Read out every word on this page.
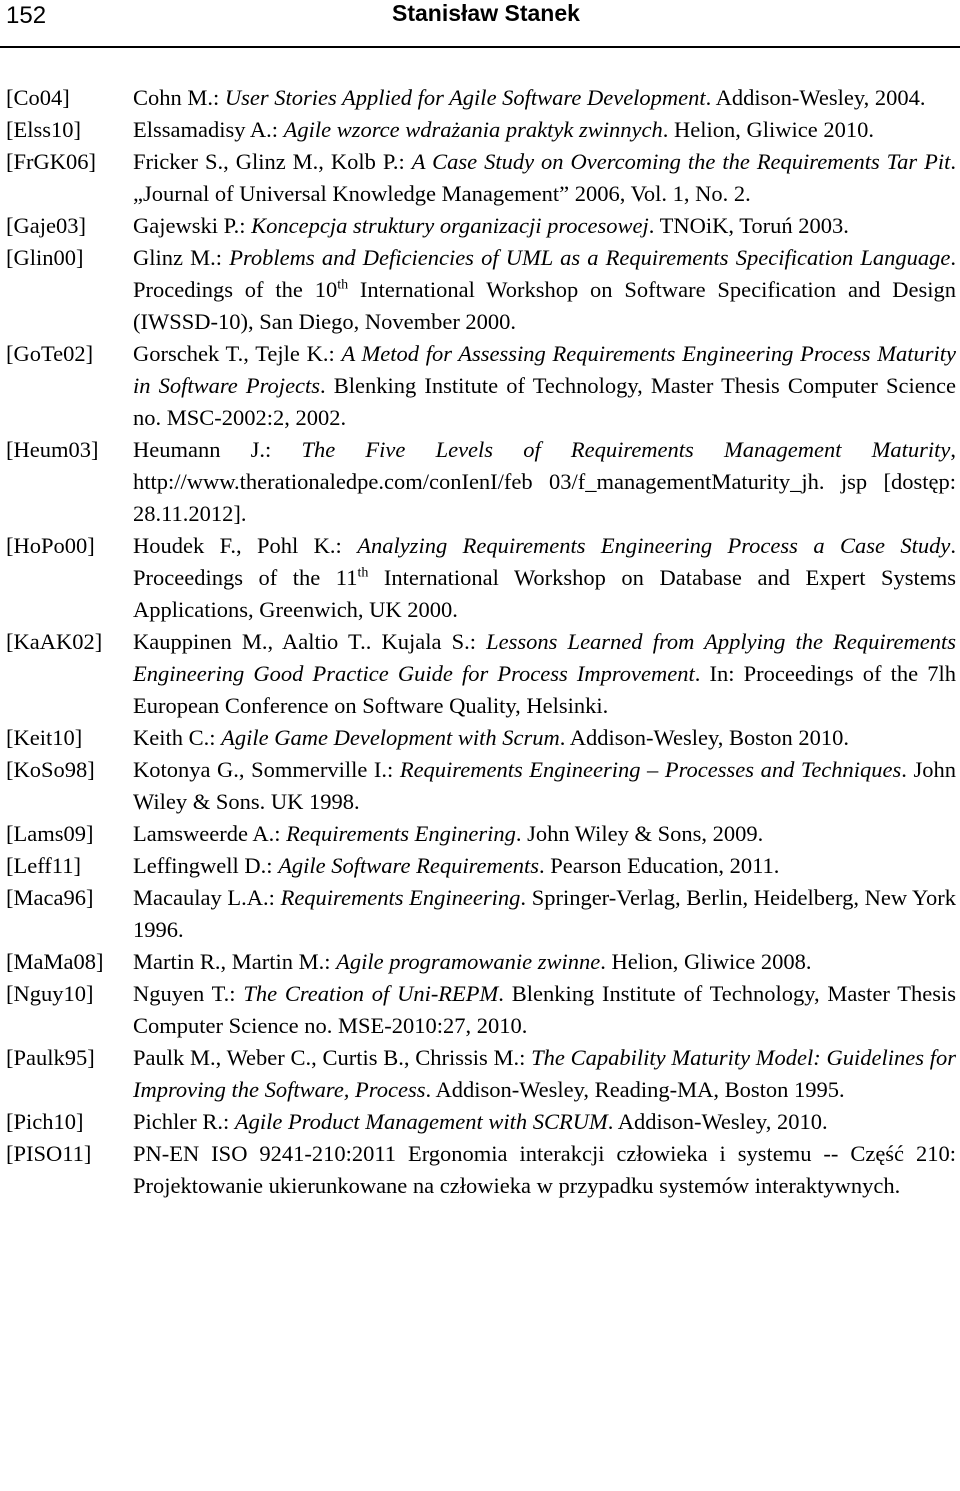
152	Stanisław Stanek
[Co04]	Cohn M.: User Stories Applied for Agile Software Development. Addison-Wesley, 2004.
[Elss10]	Elssamadisy A.: Agile wzorce wdrażania praktyk zwinnych. Helion, Gliwice 2010.
[FrGK06]	Fricker S., Glinz M., Kolb P.: A Case Study on Overcoming the the Requirements Tar Pit. „Journal of Universal Knowledge Management” 2006, Vol. 1, No. 2.
[Gaje03]	Gajewski P.: Koncepcja struktury organizacji procesowej. TNOiK, Toruń 2003.
[Glin00]	Glinz M.: Problems and Deficiencies of UML as a Requirements Specification Language. Procedings of the 10th International Workshop on Software Specification and Design (IWSSD-10), San Diego, November 2000.
[GoTe02]	Gorschek T., Tejle K.: A Metod for Assessing Requirements Engineering Process Maturity in Software Projects. Blenking Institute of Technology, Master Thesis Computer Science no. MSC-2002:2, 2002.
[Heum03]	Heumann J.: The Five Levels of Requirements Management Maturity, http://www.therationaledpe.com/conIenI/feb 03/f_managementMaturity_jh. jsp [dostęp: 28.11.2012].
[HoPo00]	Houdek F., Pohl K.: Analyzing Requirements Engineering Process a Case Study. Proceedings of the 11th International Workshop on Database and Expert Systems Applications, Greenwich, UK 2000.
[KaAK02]	Kauppinen M., Aaltio T.. Kujala S.: Lessons Learned from Applying the Requirements Engineering Good Practice Guide for Process Improvement. In: Proceedings of the 7lh European Conference on Software Quality, Helsinki.
[Keit10]	Keith C.: Agile Game Development with Scrum. Addison-Wesley, Boston 2010.
[KoSo98]	Kotonya G., Sommerville I.: Requirements Engineering – Processes and Techniques. John Wiley & Sons. UK 1998.
[Lams09]	Lamsweerde A.: Requirements Enginering. John Wiley & Sons, 2009.
[Leff11]	Leffingwell D.: Agile Software Requirements. Pearson Education, 2011.
[Maca96]	Macaulay L.A.: Requirements Engineering. Springer-Verlag, Berlin, Heidelberg, New York 1996.
[MaMa08]	Martin R., Martin M.: Agile programowanie zwinne. Helion, Gliwice 2008.
[Nguy10]	Nguyen T.: The Creation of Uni-REPM. Blenking Institute of Technology, Master Thesis Computer Science no. MSE-2010:27, 2010.
[Paulk95]	Paulk M., Weber C., Curtis B., Chrissis M.: The Capability Maturity Model: Guidelines for Improving the Software, Process. Addison-Wesley, Reading-MA, Boston 1995.
[Pich10]	Pichler R.: Agile Product Management with SCRUM. Addison-Wesley, 2010.
[PISO11]	PN-EN ISO 9241-210:2011 Ergonomia interakcji człowieka i systemu -- Część 210: Projektowanie ukierunkowane na człowieka w przypadku systemów interaktywnych.
